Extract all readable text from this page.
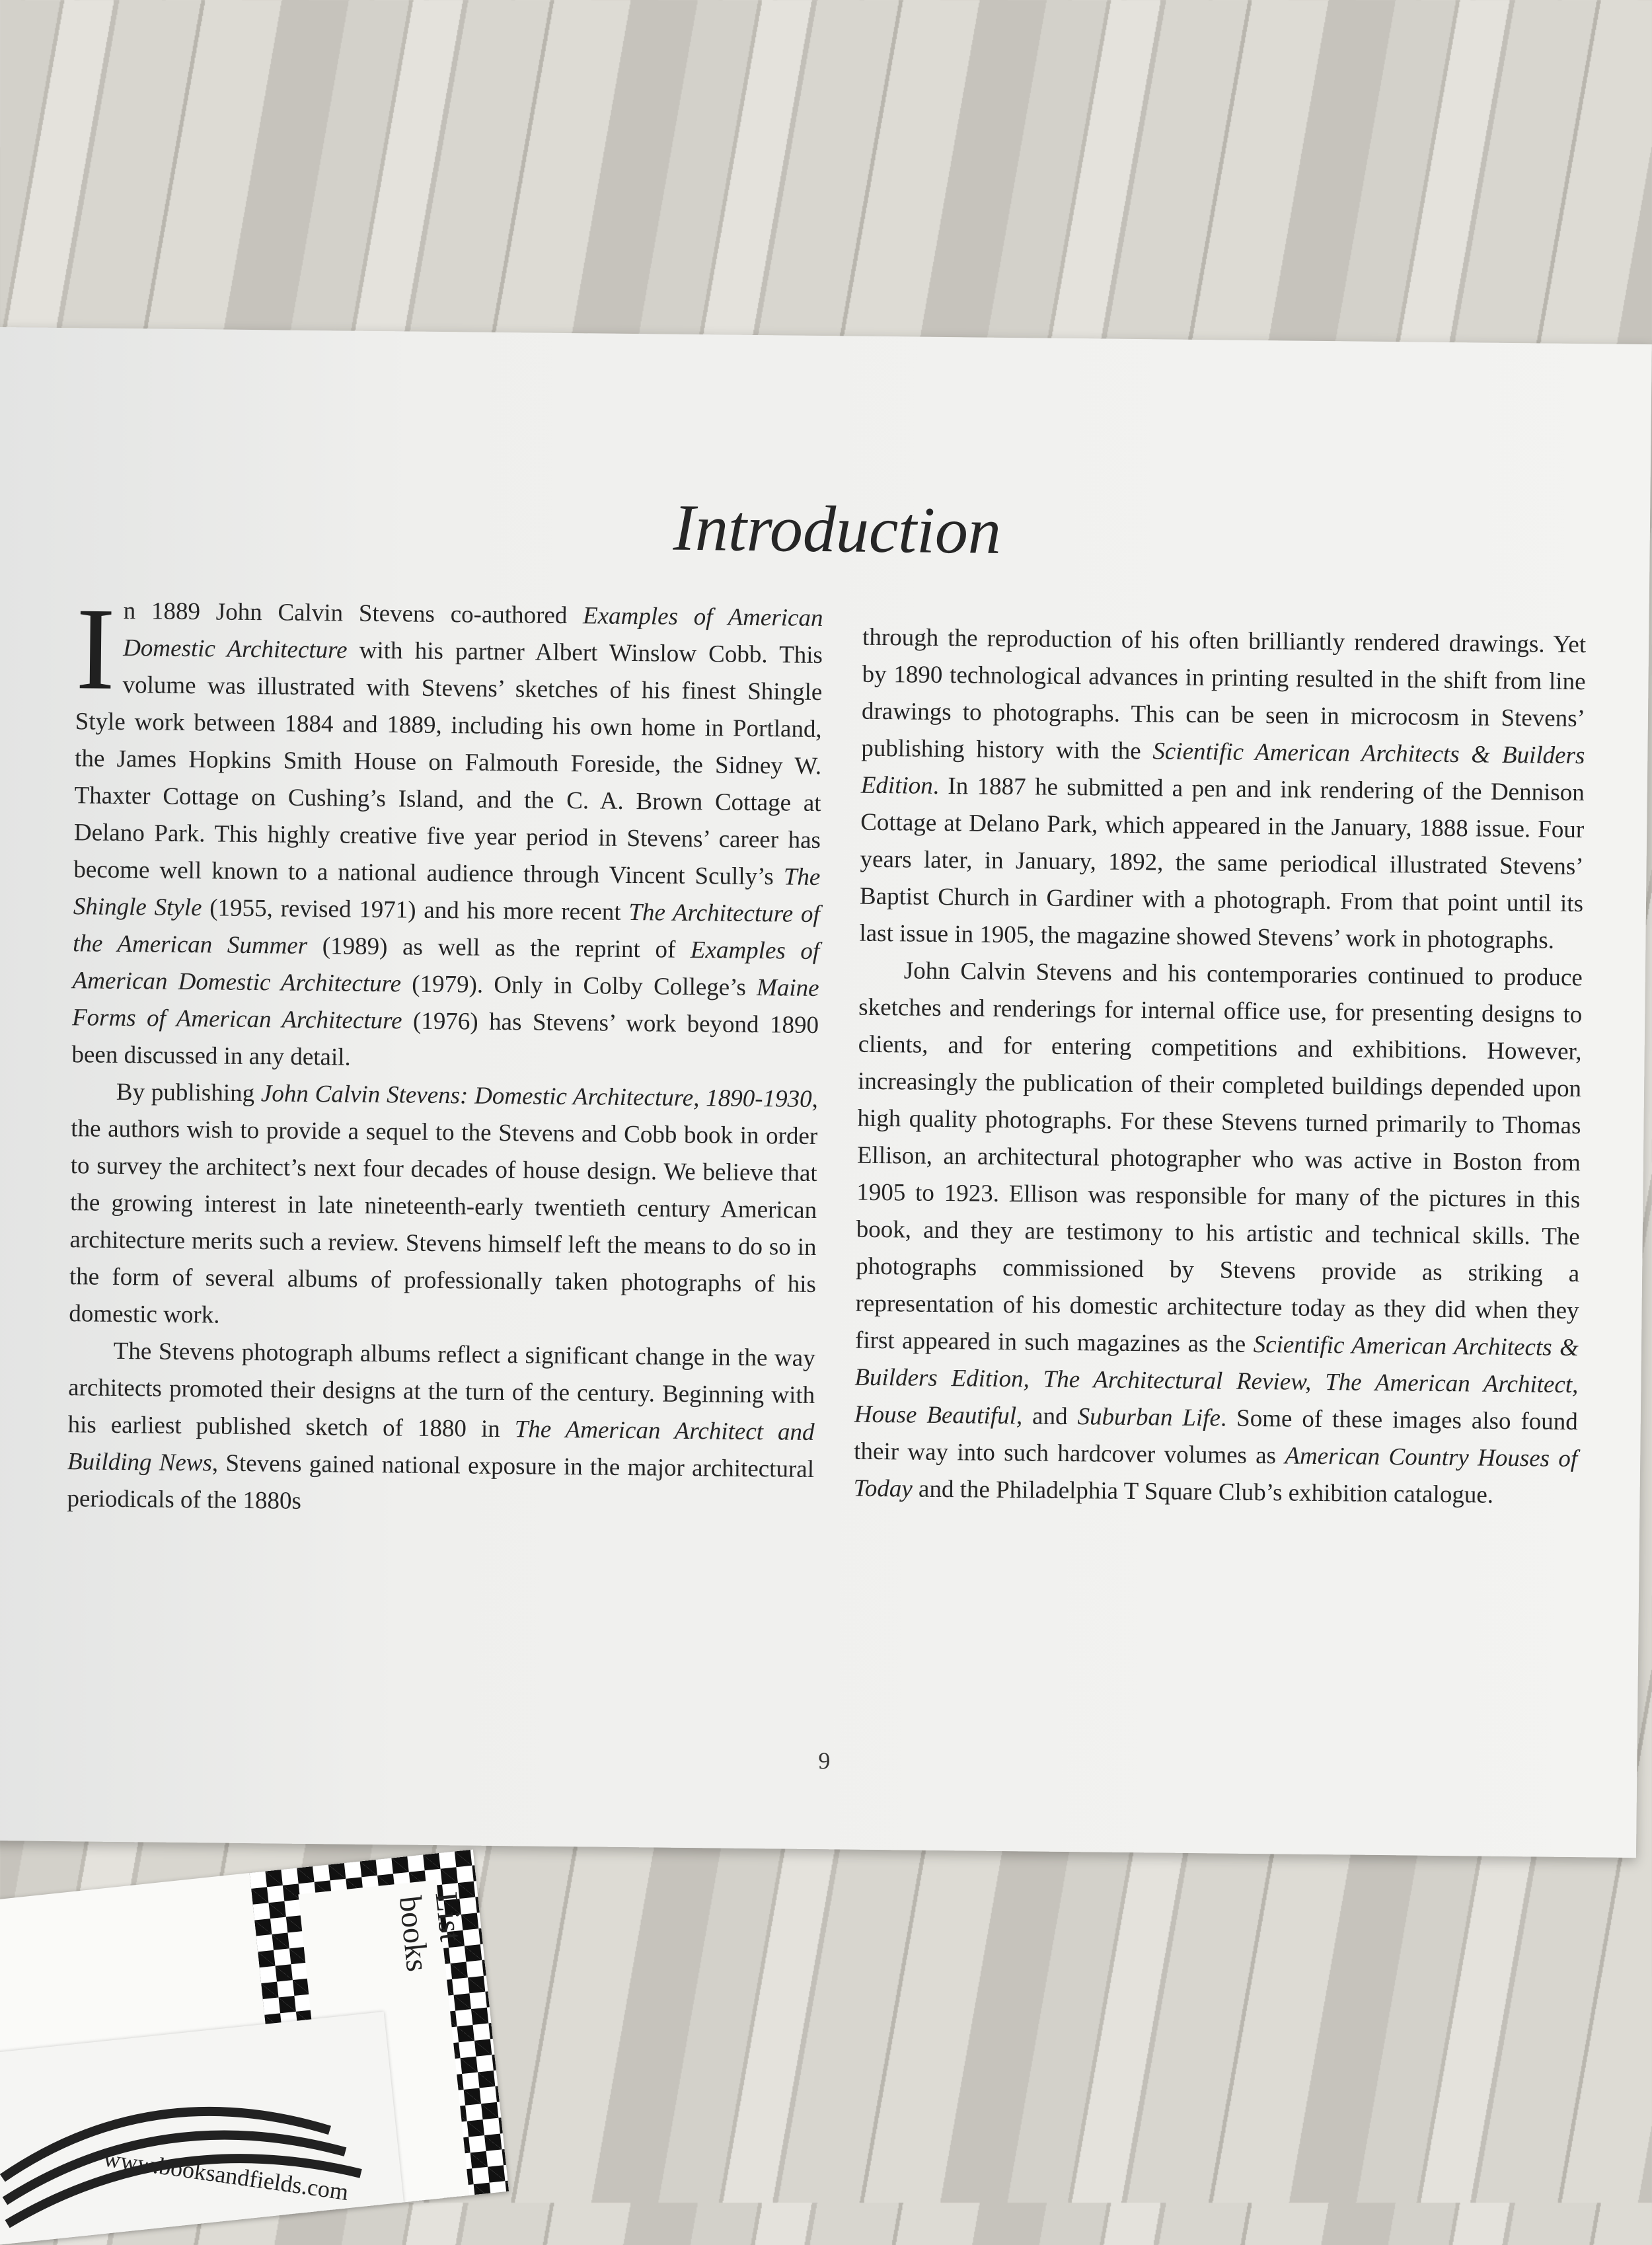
Introduction

In 1889 John Calvin Stevens co-authored Examples of American Domestic Architecture with his partner Albert Winslow Cobb. This volume was illustrated with Stevens’ sketches of his finest Shingle Style work between 1884 and 1889, including his own home in Portland, the James Hopkins Smith House on Falmouth Foreside, the Sidney W. Thaxter Cottage on Cushing’s Island, and the C. A. Brown Cottage at Delano Park. This highly creative five year period in Stevens’ career has become well known to a national audience through Vincent Scully’s The Shingle Style (1955, revised 1971) and his more recent The Architecture of the American Summer (1989) as well as the reprint of Examples of American Domestic Architecture (1979). Only in Colby College’s Maine Forms of American Architecture (1976) has Stevens’ work beyond 1890 been discussed in any detail.

By publishing John Calvin Stevens: Domestic Architecture, 1890-1930, the authors wish to provide a sequel to the Stevens and Cobb book in order to survey the architect’s next four decades of house design. We believe that the growing interest in late nineteenth-early twentieth century American architecture merits such a review. Stevens himself left the means to do so in the form of several albums of professionally taken photographs of his domestic work.

The Stevens photograph albums reflect a significant change in the way architects promoted their designs at the turn of the century. Beginning with his earliest published sketch of 1880 in The American Architect and Building News, Stevens gained national exposure in the major architectural periodicals of the 1880s

through the reproduction of his often brilliantly rendered drawings. Yet by 1890 technological advances in printing resulted in the shift from line drawings to photographs. This can be seen in microcosm in Stevens’ publishing history with the Scientific American Architects & Builders Edition. In 1887 he submitted a pen and ink rendering of the Dennison Cottage at Delano Park, which appeared in the January, 1888 issue. Four years later, in January, 1892, the same periodical illustrated Stevens’ Baptist Church in Gardiner with a photograph. From that point until its last issue in 1905, the magazine showed Stevens’ work in photographs.

John Calvin Stevens and his contemporaries continued to produce sketches and renderings for internal office use, for presenting designs to clients, and for entering competitions and exhibitions. However, increasingly the publication of their completed buildings depended upon high quality photographs. For these Stevens turned primarily to Thomas Ellison, an architectural photographer who was active in Boston from 1905 to 1923. Ellison was responsible for many of the pictures in this book, and they are testimony to his artistic and technical skills. The photographs commissioned by Stevens provide as striking a representation of his domestic architecture today as they did when they first appeared in such magazines as the Scientific American Architects & Builders Edition, The Architectural Review, The American Architect, House Beautiful, and Suburban Life. Some of these images also found their way into such hardcover volumes as American Country Houses of Today and the Philadelphia T Square Club’s exhibition catalogue.

9
List
books
www.booksandfields.com
